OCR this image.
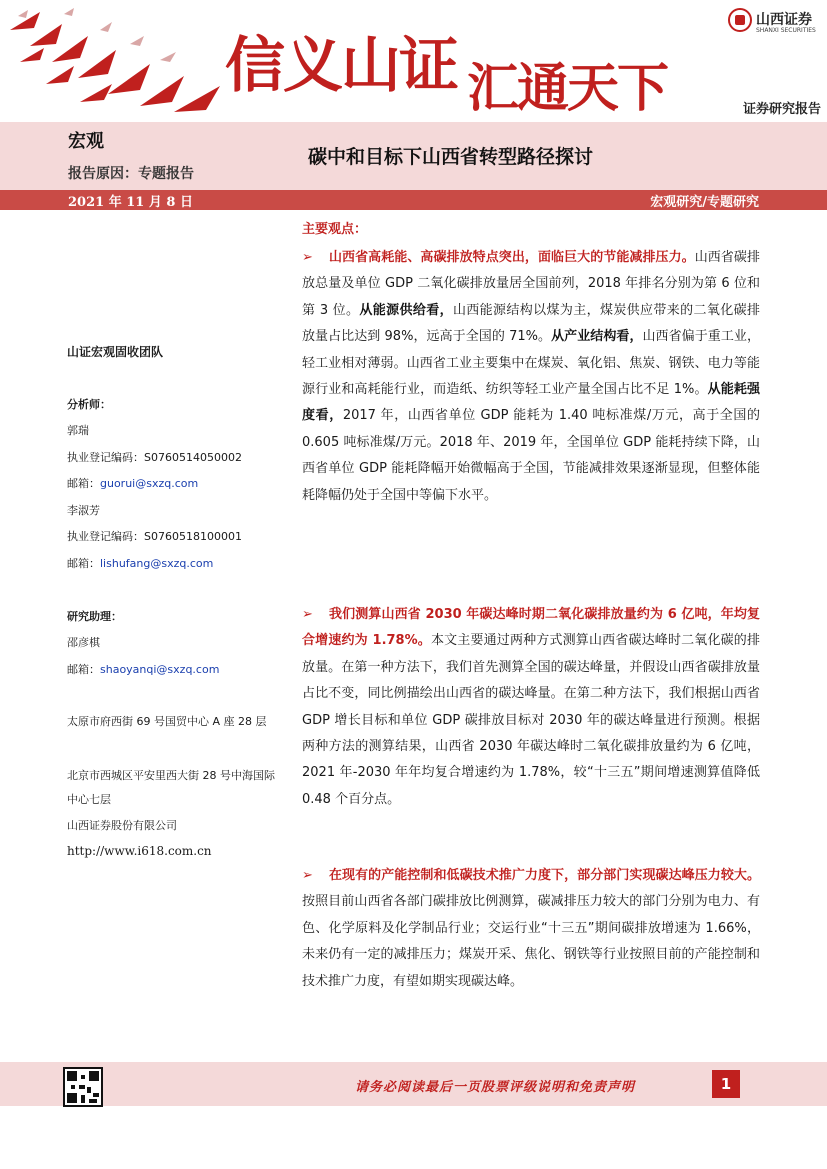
信义山证 汇通天下
山西证券
SHANXI SECURITIES
证券研究报告
宏观
报告原因：专题报告
碳中和目标下山西省转型路径探讨
2021 年 11 月 8 日	宏观研究/专题研究
山证宏观固收团队
分析师：
郭瑞
执业登记编码：S0760514050002
邮箱：guorui@sxzq.com
李淑芳
执业登记编码：S0760518100001
邮箱：lishufang@sxzq.com
研究助理：
邵彦棋
邮箱：shaoyanqi@sxzq.com
太原市府西街 69 号国贸中心 A 座 28 层
北京市西城区平安里西大街 28 号中海国际中心七层
山西证券股份有限公司
http://www.i618.com.cn
主要观点：
➢ 山西省高耗能、高碳排放特点突出，面临巨大的节能减排压力。山西省碳排放总量及单位 GDP 二氧化碳排放量居全国前列，2018 年排名分别为第 6 位和第 3 位。从能源供给看，山西能源结构以煤为主，煤炭供应带来的二氧化碳排放量占比达到 98%，远高于全国的 71%。从产业结构看，山西省偏于重工业，轻工业相对薄弱。山西省工业主要集中在煤炭、氧化铝、焦炭、钢铁、电力等能源行业和高耗能行业，而造纸、纺织等轻工业产量全国占比不足 1%。从能耗强度看，2017 年，山西省单位 GDP 能耗为 1.40 吨标准煤/万元，高于全国的 0.605 吨标准煤/万元。2018 年、2019 年，全国单位 GDP 能耗持续下降，山西省单位 GDP 能耗降幅开始微幅高于全国，节能减排效果逐渐显现，但整体能耗降幅仍处于全国中等偏下水平。
➢ 我们测算山西省 2030 年碳达峰时期二氧化碳排放量约为 6 亿吨，年均复合增速约为 1.78%。本文主要通过两种方式测算山西省碳达峰时二氧化碳的排放量。在第一种方法下，我们首先测算全国的碳达峰量，并假设山西省碳排放量占比不变，同比例描绘出山西省的碳达峰量。在第二种方法下，我们根据山西省 GDP 增长目标和单位 GDP 碳排放目标对 2030 年的碳达峰量进行预测。根据两种方法的测算结果，山西省 2030 年碳达峰时二氧化碳排放量约为 6 亿吨，2021 年-2030 年年均复合增速约为 1.78%，较“十三五”期间增速测算值降低 0.48 个百分点。
➢ 在现有的产能控制和低碳技术推广力度下，部分部门实现碳达峰压力较大。按照目前山西省各部门碳排放比例测算，碳减排压力较大的部门分别为电力、有色、化学原料及化学制品行业；交运行业“十三五”期间碳排放增速为 1.66%，未来仍有一定的减排压力；煤炭开采、焦化、钢铁等行业按照目前的产能控制和技术推广力度，有望如期实现碳达峰。
请务必阅读最后一页股票评级说明和免责声明	1
